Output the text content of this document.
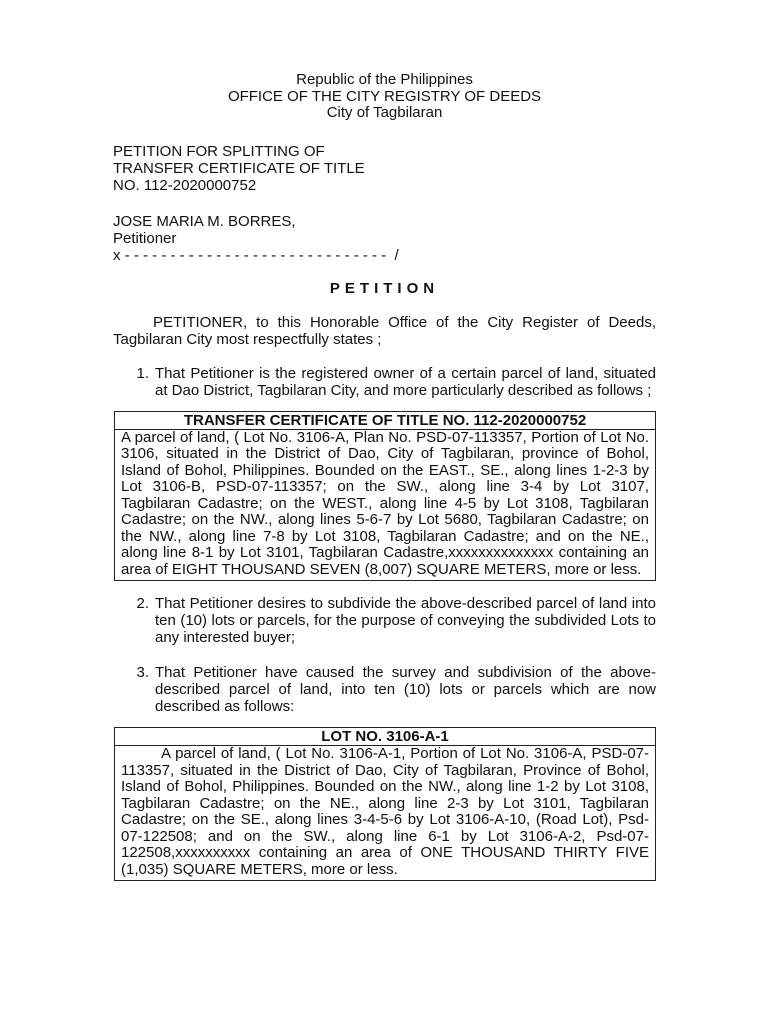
Republic of the Philippines
OFFICE OF THE CITY REGISTRY OF DEEDS
City of Tagbilaran
PETITION FOR SPLITTING OF
TRANSFER CERTIFICATE OF TITLE
NO. 112-2020000752
JOSE MARIA M. BORRES,
Petitioner
x - - - - - - - - - - - - - - - - - - - - - - - - - - - - -  /
PETITION
PETITIONER, to this Honorable Office of the City Register of Deeds, Tagbilaran City most respectfully states ;
1. That Petitioner is the registered owner of a certain parcel of land, situated at Dao District, Tagbilaran City, and more particularly described as follows ;
TRANSFER CERTIFICATE OF TITLE NO. 112-2020000752
A parcel of land, ( Lot No. 3106-A, Plan No. PSD-07-113357, Portion of Lot No. 3106, situated in the District of Dao, City of Tagbilaran, province of Bohol, Island of Bohol, Philippines. Bounded on the EAST., SE., along lines 1-2-3 by Lot 3106-B, PSD-07-113357; on the SW., along line 3-4 by Lot 3107, Tagbilaran Cadastre; on the WEST., along line 4-5 by Lot 3108, Tagbilaran Cadastre; on the NW., along lines 5-6-7 by Lot 5680, Tagbilaran Cadastre; on the NW., along line 7-8 by Lot 3108, Tagbilaran Cadastre; and on the NE., along line 8-1 by Lot 3101, Tagbilaran Cadastre,xxxxxxxxxxxxxx containing an area of EIGHT THOUSAND SEVEN (8,007) SQUARE METERS, more or less.
2. That Petitioner desires to subdivide the above-described parcel of land into ten (10) lots or parcels, for the purpose of conveying the subdivided Lots to any interested buyer;
3. That Petitioner have caused the survey and subdivision of the above-described parcel of land, into ten (10) lots or parcels which are now described as follows:
LOT NO. 3106-A-1
A parcel of land, ( Lot No. 3106-A-1, Portion of Lot No. 3106-A, PSD-07-113357, situated in the District of Dao, City of Tagbilaran, Province of Bohol, Island of Bohol, Philippines. Bounded on the NW., along line 1-2 by Lot 3108, Tagbilaran Cadastre; on the NE., along line 2-3 by Lot 3101, Tagbilaran Cadastre; on the SE., along lines 3-4-5-6 by Lot 3106-A-10, (Road Lot), Psd-07-122508; and on the SW., along line 6-1 by Lot 3106-A-2, Psd-07-122508,xxxxxxxxxx containing an area of ONE THOUSAND THIRTY FIVE (1,035) SQUARE METERS, more or less.
